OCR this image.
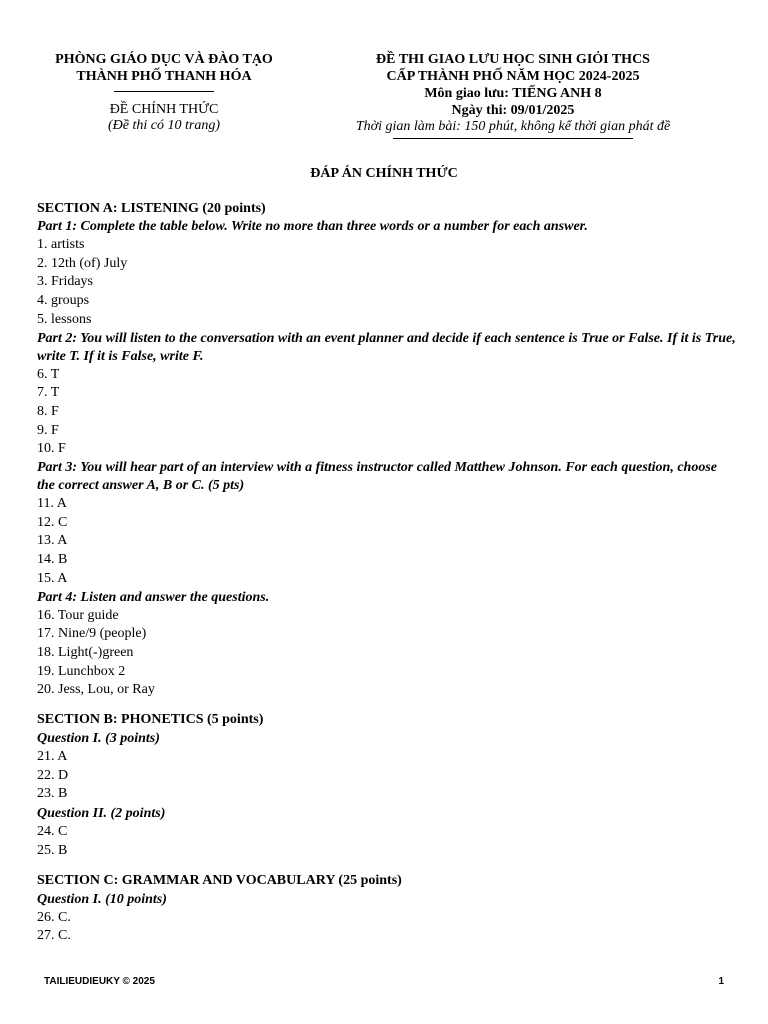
PHÒNG GIÁO DỤC VÀ ĐÀO TẠO
THÀNH PHỐ THANH HÓA
ĐỀ CHÍNH THỨC
(Đề thi có 10 trang)
ĐỀ THI GIAO LƯU HỌC SINH GIỎI THCS
CẤP THÀNH PHỐ NĂM HỌC 2024-2025
Môn giao lưu: TIẾNG ANH 8
Ngày thi: 09/01/2025
Thời gian làm bài: 150 phút, không kể thời gian phát đề
ĐÁP ÁN CHÍNH THỨC
SECTION A: LISTENING (20 points)
Part 1: Complete the table below. Write no more than three words or a number for each answer.
1. artists
2. 12th (of) July
3. Fridays
4. groups
5. lessons
Part 2: You will listen to the conversation with an event planner and decide if each sentence is True or False. If it is True, write T. If it is False, write F.
6. T
7. T
8. F
9. F
10. F
Part 3: You will hear part of an interview with a fitness instructor called Matthew Johnson. For each question, choose the correct answer A, B or C. (5 pts)
11. A
12. C
13. A
14. B
15. A
Part 4: Listen and answer the questions.
16. Tour guide
17. Nine/9 (people)
18. Light(-)green
19. Lunchbox 2
20. Jess, Lou, or Ray
SECTION B: PHONETICS (5 points)
Question I. (3 points)
21. A
22. D
23. B
Question II. (2 points)
24. C
25. B
SECTION C: GRAMMAR AND VOCABULARY (25 points)
Question I. (10 points)
26. C.
27. C.
TAILIEUDIEUKY © 2025	1
